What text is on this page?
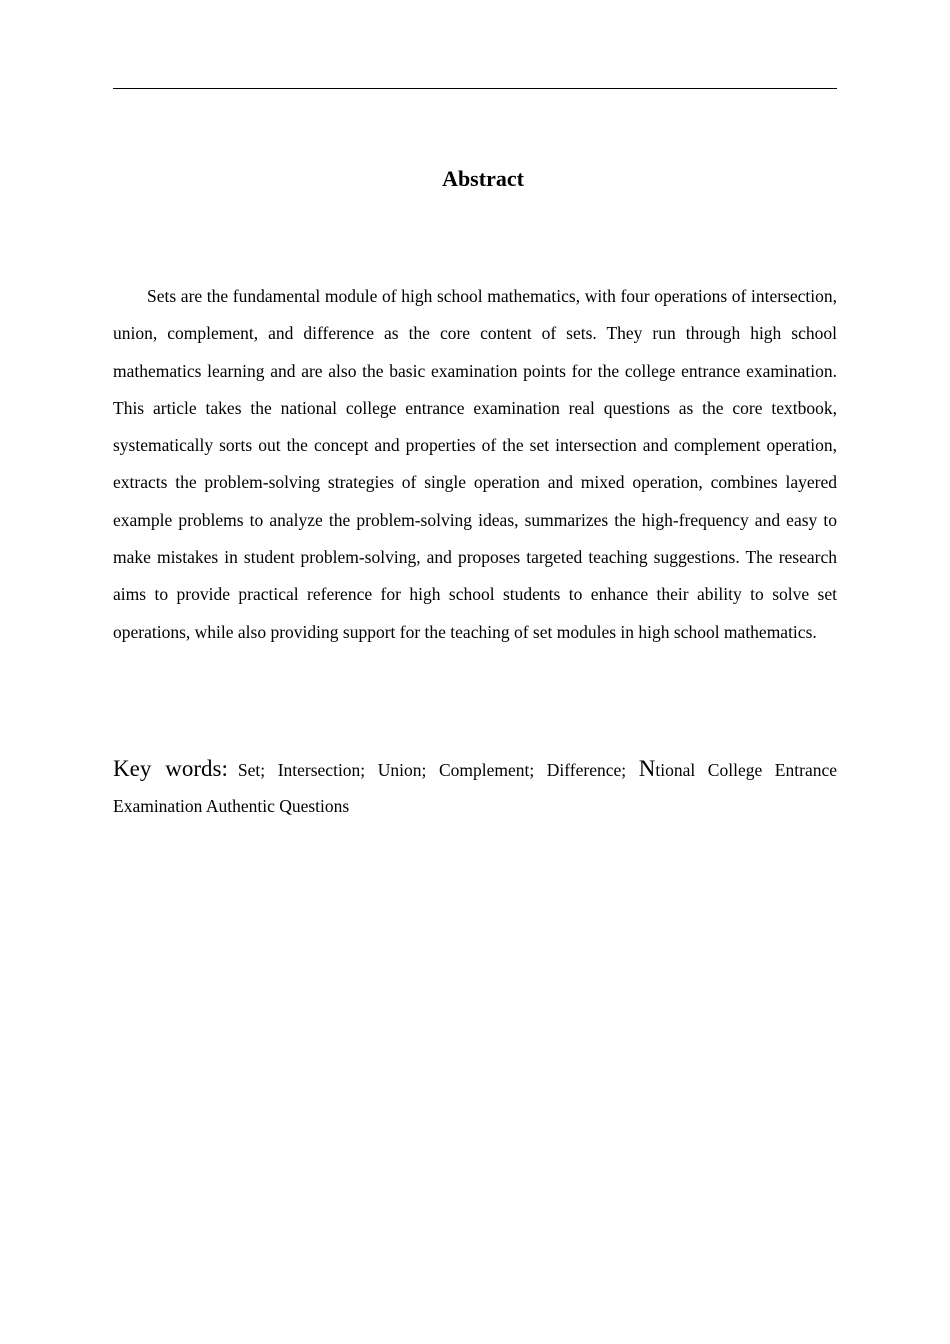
Abstract

Sets are the fundamental module of high school mathematics, with four operations of intersection, union, complement, and difference as the core content of sets. They run through high school mathematics learning and are also the basic examination points for the college entrance examination. This article takes the national college entrance examination real questions as the core textbook, systematically sorts out the concept and properties of the set intersection and complement operation, extracts the problem-solving strategies of single operation and mixed operation, combines layered example problems to analyze the problem-solving ideas, summarizes the high-frequency and easy to make mistakes in student problem-solving, and proposes targeted teaching suggestions. The research aims to provide practical reference for high school students to enhance their ability to solve set operations, while also providing support for the teaching of set modules in high school mathematics.

Key words: Set; Intersection; Union; Complement; Difference; Ntional College Entrance Examination Authentic Questions
